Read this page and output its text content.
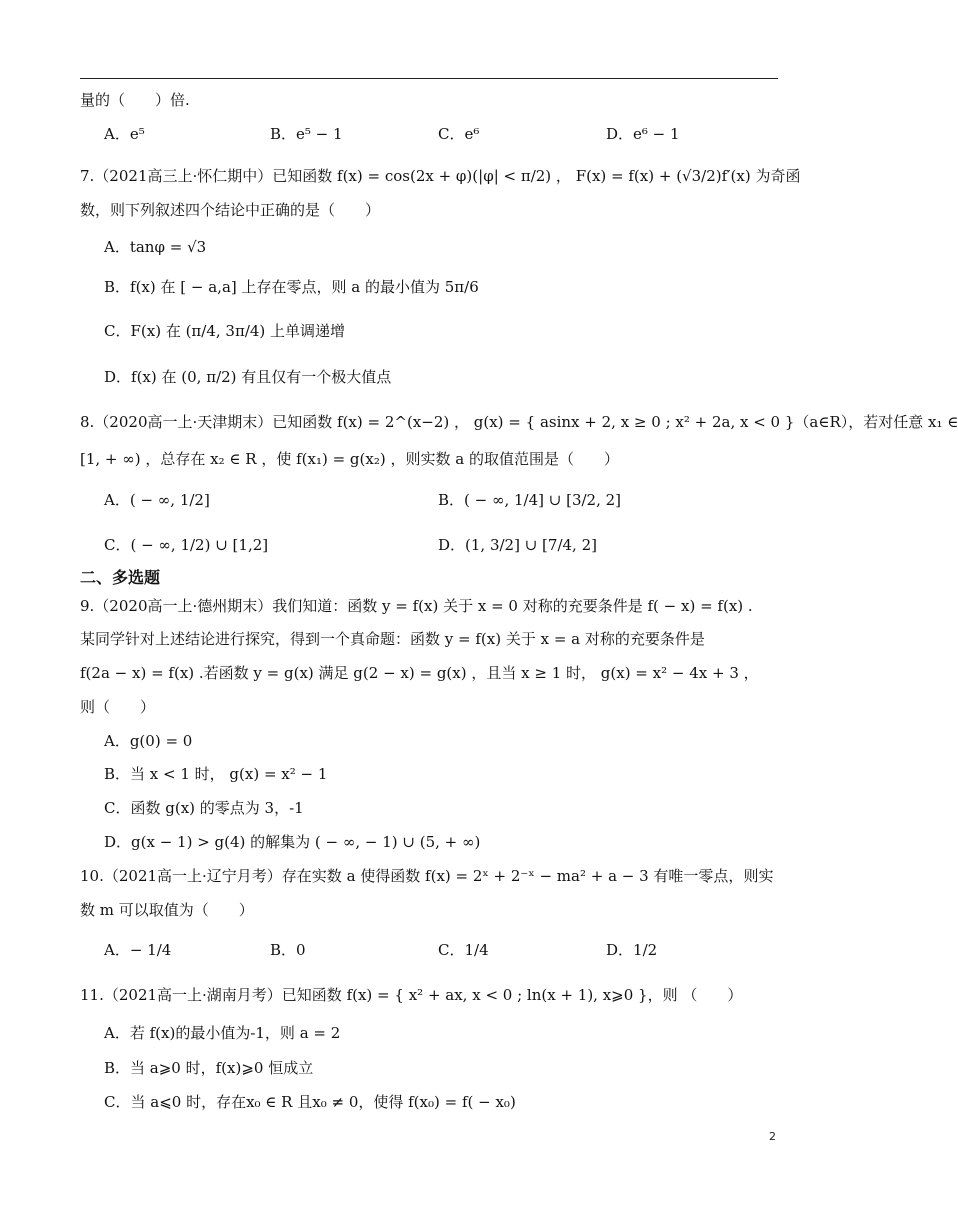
量的（　　）倍.
A．e⁵	B．e⁵ − 1	C．e⁶	D．e⁶ − 1
7.（2021高三上·怀仁期中）已知函数 f(x) = cos(2x + φ)(|φ| < π/2) ， F(x) = f(x) + (√3/2)f′(x) 为奇函
数，则下列叙述四个结论中正确的是（　　）
A．tanφ = √3
B．f(x) 在 [ − a,a] 上存在零点，则 a 的最小值为 5π/6
C．F(x) 在 (π/4, 3π/4) 上单调递增
D．f(x) 在 (0, π/2) 有且仅有一个极大值点
8.（2020高一上·天津期末）已知函数 f(x) = 2^(x−2) ， g(x) = { asinx + 2, x ≥ 0 ; x² + 2a, x < 0 }（a∈R），若对任意 x₁ ∈
[1, + ∞) ，总存在 x₂ ∈ R ，使 f(x₁) = g(x₂) ，则实数 a 的取值范围是（　　）
A．( − ∞, 1/2]	B．( − ∞, 1/4] ∪ [3/2, 2]
C．( − ∞, 1/2) ∪ [1,2]	D．(1, 3/2] ∪ [7/4, 2]
二、多选题
9.（2020高一上·德州期末）我们知道：函数 y = f(x) 关于 x = 0 对称的充要条件是 f( − x) = f(x) .
某同学针对上述结论进行探究，得到一个真命题：函数 y = f(x) 关于 x = a 对称的充要条件是
f(2a − x) = f(x) .若函数 y = g(x) 满足 g(2 − x) = g(x) ，且当 x ≥ 1 时， g(x) = x² − 4x + 3 ，
则（　　）
A．g(0) = 0
B．当 x < 1 时， g(x) = x² − 1
C．函数 g(x) 的零点为 3，-1
D．g(x − 1) > g(4) 的解集为 ( − ∞, − 1) ∪ (5, + ∞)
10.（2021高一上·辽宁月考）存在实数 a 使得函数 f(x) = 2ˣ + 2⁻ˣ − ma² + a − 3 有唯一零点，则实
数 m 可以取值为（　　）
A．− 1/4	B．0	C．1/4	D．1/2
11.（2021高一上·湖南月考）已知函数 f(x) = { x² + ax, x < 0 ; ln(x + 1), x⩾0 }，则 （　　）
A．若 f(x)的最小值为-1，则 a = 2
B．当 a⩾0 时，f(x)⩾0 恒成立
C．当 a⩽0 时，存在x₀ ∈ R 且x₀ ≠ 0，使得 f(x₀) = f( − x₀)
2
